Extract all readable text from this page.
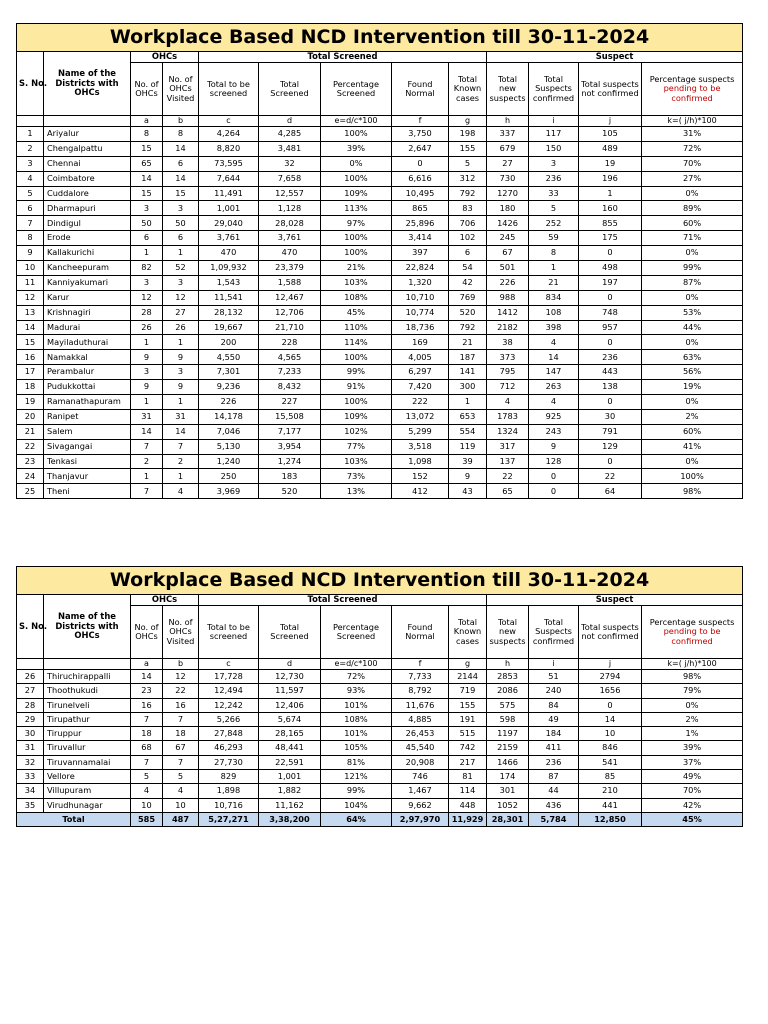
Workplace Based NCD Intervention till 30-11-2024												
S. No.	Name of the Districts with OHCs	OHCs		Total Screened					Suspect			
		No. of OHCs	No. of OHCs Visited	Total to be screened	Total Screened	Percentage Screened	Found Normal	Total Known cases	Total new suspects	Total Suspects confirmed	Total suspects not confirmed	Percentage suspects
pending to be confirmed
		a	b	c	d	e=d/c*100	f	g	h	i	j	k=( j/h)*100
1	Ariyalur	8	8	4,264	4,285	100%	3,750	198	337	117	105	31%
2	Chengalpattu	15	14	8,820	3,481	39%	2,647	155	679	150	489	72%
3	Chennai	65	6	73,595	32	0%	0	5	27	3	19	70%
4	Coimbatore	14	14	7,644	7,658	100%	6,616	312	730	236	196	27%
5	Cuddalore	15	15	11,491	12,557	109%	10,495	792	1270	33	1	0%
6	Dharmapuri	3	3	1,001	1,128	113%	865	83	180	5	160	89%
7	Dindigul	50	50	29,040	28,028	97%	25,896	706	1426	252	855	60%
8	Erode	6	6	3,761	3,761	100%	3,414	102	245	59	175	71%
9	Kallakurichi	1	1	470	470	100%	397	6	67	8	0	0%
10	Kancheepuram	82	52	1,09,932	23,379	21%	22,824	54	501	1	498	99%
11	Kanniyakumari	3	3	1,543	1,588	103%	1,320	42	226	21	197	87%
12	Karur	12	12	11,541	12,467	108%	10,710	769	988	834	0	0%
13	Krishnagiri	28	27	28,132	12,706	45%	10,774	520	1412	108	748	53%
14	Madurai	26	26	19,667	21,710	110%	18,736	792	2182	398	957	44%
15	Mayiladuthurai	1	1	200	228	114%	169	21	38	4	0	0%
16	Namakkal	9	9	4,550	4,565	100%	4,005	187	373	14	236	63%
17	Perambalur	3	3	7,301	7,233	99%	6,297	141	795	147	443	56%
18	Pudukkottai	9	9	9,236	8,432	91%	7,420	300	712	263	138	19%
19	Ramanathapuram	1	1	226	227	100%	222	1	4	4	0	0%
20	Ranipet	31	31	14,178	15,508	109%	13,072	653	1783	925	30	2%
21	Salem	14	14	7,046	7,177	102%	5,299	554	1324	243	791	60%
22	Sivagangai	7	7	5,130	3,954	77%	3,518	119	317	9	129	41%
23	Tenkasi	2	2	1,240	1,274	103%	1,098	39	137	128	0	0%
24	Thanjavur	1	1	250	183	73%	152	9	22	0	22	100%
25	Theni	7	4	3,969	520	13%	412	43	65	0	64	98%
Workplace Based NCD Intervention till 30-11-2024												
S. No.	Name of the Districts with OHCs	OHCs		Total Screened					Suspect			
		No. of OHCs	No. of OHCs Visited	Total to be screened	Total Screened	Percentage Screened	Found Normal	Total Known cases	Total new suspects	Total Suspects confirmed	Total suspects not confirmed	Percentage suspects
pending to be confirmed
		a	b	c	d	e=d/c*100	f	g	h	i	j	k=( j/h)*100
26	Thiruchirappalli	14	12	17,728	12,730	72%	7,733	2144	2853	51	2794	98%
27	Thoothukudi	23	22	12,494	11,597	93%	8,792	719	2086	240	1656	79%
28	Tirunelveli	16	16	12,242	12,406	101%	11,676	155	575	84	0	0%
29	Tirupathur	7	7	5,266	5,674	108%	4,885	191	598	49	14	2%
30	Tiruppur	18	18	27,848	28,165	101%	26,453	515	1197	184	10	1%
31	Tiruvallur	68	67	46,293	48,441	105%	45,540	742	2159	411	846	39%
32	Tiruvannamalai	7	7	27,730	22,591	81%	20,908	217	1466	236	541	37%
33	Vellore	5	5	829	1,001	121%	746	81	174	87	85	49%
34	Villupuram	4	4	1,898	1,882	99%	1,467	114	301	44	210	70%
35	Virudhunagar	10	10	10,716	11,162	104%	9,662	448	1052	436	441	42%
Total		585	487	5,27,271	3,38,200	64%	2,97,970	11,929	28,301	5,784	12,850	45%
